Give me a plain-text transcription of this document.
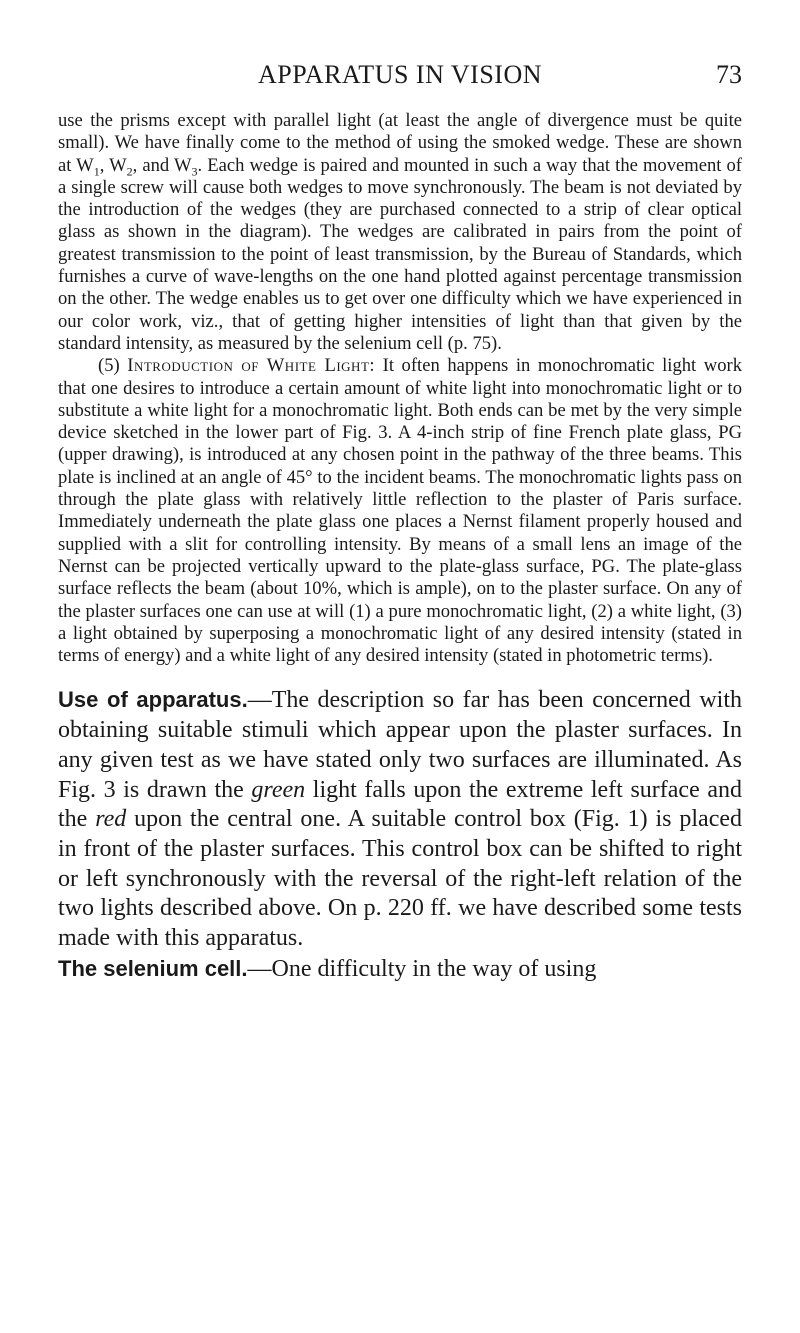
APPARATUS IN VISION	73

use the prisms except with parallel light (at least the angle of divergence must be quite small). We have finally come to the method of using the smoked wedge. These are shown at $W_1$, $W_2$, and $W_3$. Each wedge is paired and mounted in such a way that the movement of a single screw will cause both wedges to move synchronously. The beam is not deviated by the introduction of the wedges (they are purchased connected to a strip of clear optical glass as shown in the diagram). The wedges are calibrated in pairs from the point of greatest transmission to the point of least transmission, by the Bureau of Standards, which furnishes a curve of wave-lengths on the one hand plotted against percentage transmission on the other. The wedge enables us to get over one difficulty which we have experienced in our color work, viz., that of getting higher intensities of light than that given by the standard intensity, as measured by the selenium cell (p. 75).

(5) Introduction of White Light: It often happens in monochromatic light work that one desires to introduce a certain amount of white light into monochromatic light or to substitute a white light for a monochromatic light. Both ends can be met by the very simple device sketched in the lower part of Fig. 3. A 4-inch strip of fine French plate glass, PG (upper drawing), is introduced at any chosen point in the pathway of the three beams. This plate is inclined at an angle of 45° to the incident beams. The monochromatic lights pass on through the plate glass with relatively little reflection to the plaster of Paris surface. Immediately underneath the plate glass one places a Nernst filament properly housed and supplied with a slit for controlling intensity. By means of a small lens an image of the Nernst can be projected vertically upward to the plate-glass surface, PG. The plate-glass surface reflects the beam (about 10%, which is ample), on to the plaster surface. On any of the plaster surfaces one can use at will (1) a pure monochromatic light, (2) a white light, (3) a light obtained by superposing a monochromatic light of any desired intensity (stated in terms of energy) and a white light of any desired intensity (stated in photometric terms).

Use of apparatus.—The description so far has been concerned with obtaining suitable stimuli which appear upon the plaster surfaces. In any given test as we have stated only two surfaces are illuminated. As Fig. 3 is drawn the green light falls upon the extreme left surface and the red upon the central one. A suitable control box (Fig. 1) is placed in front of the plaster surfaces. This control box can be shifted to right or left synchronously with the reversal of the right-left relation of the two lights described above. On p. 220 ff. we have described some tests made with this apparatus.

The selenium cell.—One difficulty in the way of using
